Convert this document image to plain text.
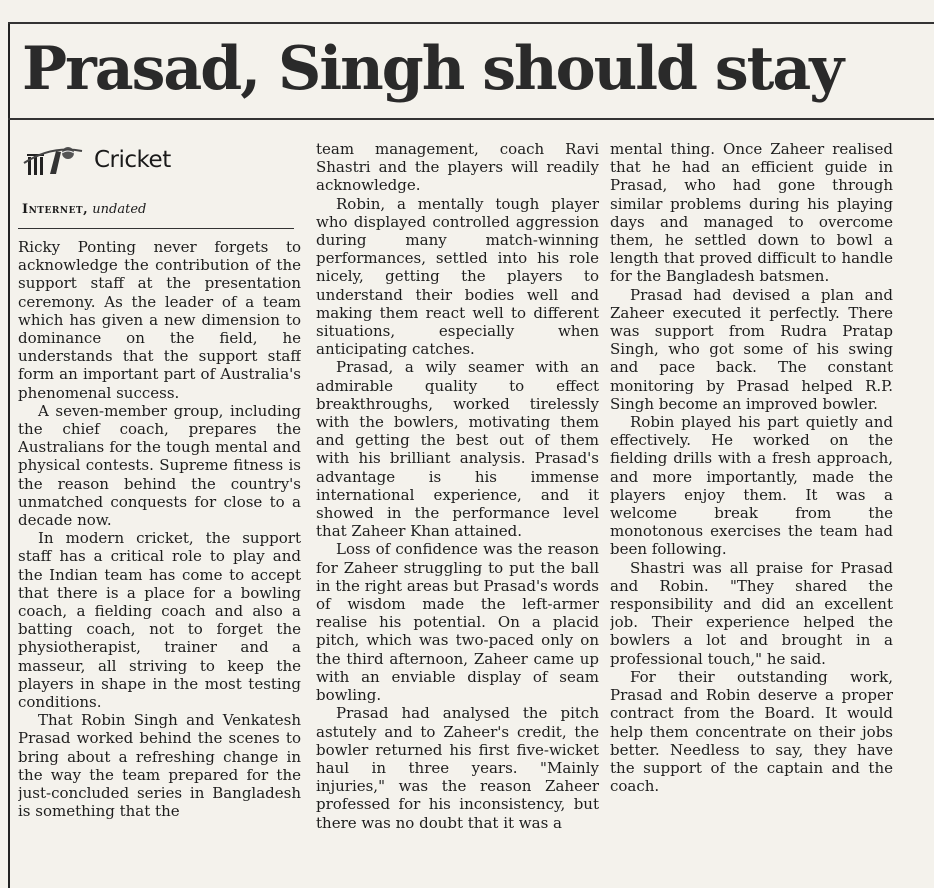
Prasad, Singh should stay
Cricket
Internet, undated

Ricky Ponting never forgets to acknowledge the contribution of the support staff at the presentation ceremony. As the leader of a team which has given a new dimension to dominance on the field, he understands that the support staff form an important part of Australia's phenomenal success.

A seven-member group, including the chief coach, prepares the Australians for the tough mental and physical contests. Supreme fitness is the reason behind the country's unmatched conquests for close to a decade now.

In modern cricket, the support staff has a critical role to play and the Indian team has come to accept that there is a place for a bowling coach, a fielding coach and also a batting coach, not to forget the physiotherapist, trainer and a masseur, all striving to keep the players in shape in the most testing conditions.

That Robin Singh and Venkatesh Prasad worked behind the scenes to bring about a refreshing change in the way the team prepared for the just-concluded series in Bangladesh is something that the

team management, coach Ravi Shastri and the players will readily acknowledge.

Robin, a mentally tough player who displayed controlled aggression during many match-winning performances, settled into his role nicely, getting the players to understand their bodies well and making them react well to different situations, especially when anticipating catches.

Prasad, a wily seamer with an admirable quality to effect breakthroughs, worked tirelessly with the bowlers, motivating them and getting the best out of them with his brilliant analysis. Prasad's advantage is his immense international experience, and it showed in the performance level that Zaheer Khan attained.

Loss of confidence was the reason for Zaheer struggling to put the ball in the right areas but Prasad's words of wisdom made the left-armer realise his potential. On a placid pitch, which was two-paced only on the third afternoon, Zaheer came up with an enviable display of seam bowling.

Prasad had analysed the pitch astutely and to Zaheer's credit, the bowler returned his first five-wicket haul in three years. "Mainly injuries," was the reason Zaheer professed for his inconsistency, but there was no doubt that it was a

mental thing. Once Zaheer realised that he had an efficient guide in Prasad, who had gone through similar problems during his playing days and managed to overcome them, he settled down to bowl a length that proved difficult to handle for the Bangladesh batsmen.

Prasad had devised a plan and Zaheer executed it perfectly. There was support from Rudra Pratap Singh, who got some of his swing and pace back. The constant monitoring by Prasad helped R.P. Singh become an improved bowler.

Robin played his part quietly and effectively. He worked on the fielding drills with a fresh approach, and more importantly, made the players enjoy them. It was a welcome break from the monotonous exercises the team had been following.

Shastri was all praise for Prasad and Robin. "They shared the responsibility and did an excellent job. Their experience helped the bowlers a lot and brought in a professional touch," he said.

For their outstanding work, Prasad and Robin deserve a proper contract from the Board. It would help them concentrate on their jobs better. Needless to say, they have the support of the captain and the coach.
